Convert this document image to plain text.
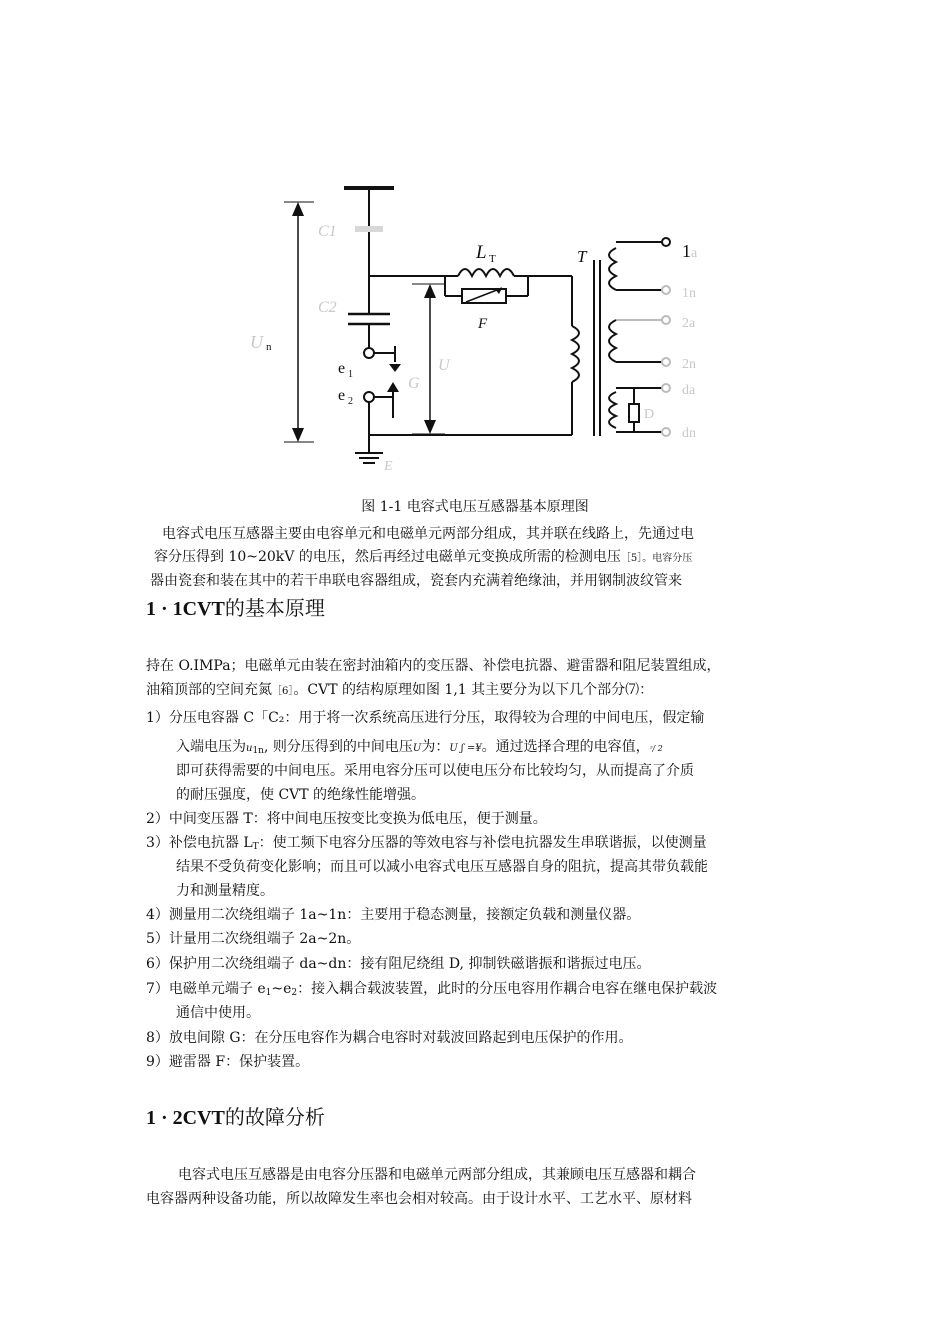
L T	T
F
e 1
e 2
1
n
U
C1
C2
U
G
E
a
1n
2a
2n
da
D
dn
图 1-1 电容式电压互感器基本原理图
电容式电压互感器主要由电容单元和电磁单元两部分组成，其并联在线路上，先通过电
容分压得到 10~20kV 的电压，然后再经过电磁单元变换成所需的检测电压［5］。电容分压
器由瓷套和装在其中的若干串联电容器组成，瓷套内充满着绝缘油，并用钢制波纹管来
1 · 1CVT的基本原理
持在 O.IMPa；电磁单元由装在密封油箱内的变压器、补偿电抗器、避雷器和阻尼装置组成，
油箱顶部的空间充氮［6］。CVT 的结构原理如图 1,1 其主要分为以下几个部分⑺：
1）分压电容器 C「C₂：用于将一次系统高压进行分压，取得较为合理的中间电压，假定输
入端电压为$u_{1n}$, 则分压得到的中间电压U为：U ʃ =¥。通过选择合理的电容值，ᵓ/ 2
即可获得需要的中间电压。采用电容分压可以使电压分布比较均匀，从而提高了介质
的耐压强度，使 CVT 的绝缘性能增强。
2）中间变压器 T：将中间电压按变比变换为低电压，便于测量。
3）补偿电抗器 $L_T$：使工频下电容分压器的等效电容与补偿电抗器发生串联谐振，以使测量
结果不受负荷变化影响；而且可以减小电容式电压互感器自身的阻抗，提高其带负载能
力和测量精度。
4）测量用二次绕组端子 1a~1n：主要用于稳态测量，接额定负载和测量仪器。
5）计量用二次绕组端子 2a~2n。
6）保护用二次绕组端子 da~dn：接有阻尼绕组 D, 抑制铁磁谐振和谐振过电压。
7）电磁单元端子 $e_1\sim e_2$：接入耦合载波装置，此时的分压电容用作耦合电容在继电保护载波
通信中使用。
8）放电间隙 G：在分压电容作为耦合电容时对载波回路起到电压保护的作用。
9）避雷器 F：保护装置。
1 · 2CVT的故障分析
电容式电压互感器是由电容分压器和电磁单元两部分组成，其兼顾电压互感器和耦合
电容器两种设备功能，所以故障发生率也会相对较高。由于设计水平、工艺水平、原材料
